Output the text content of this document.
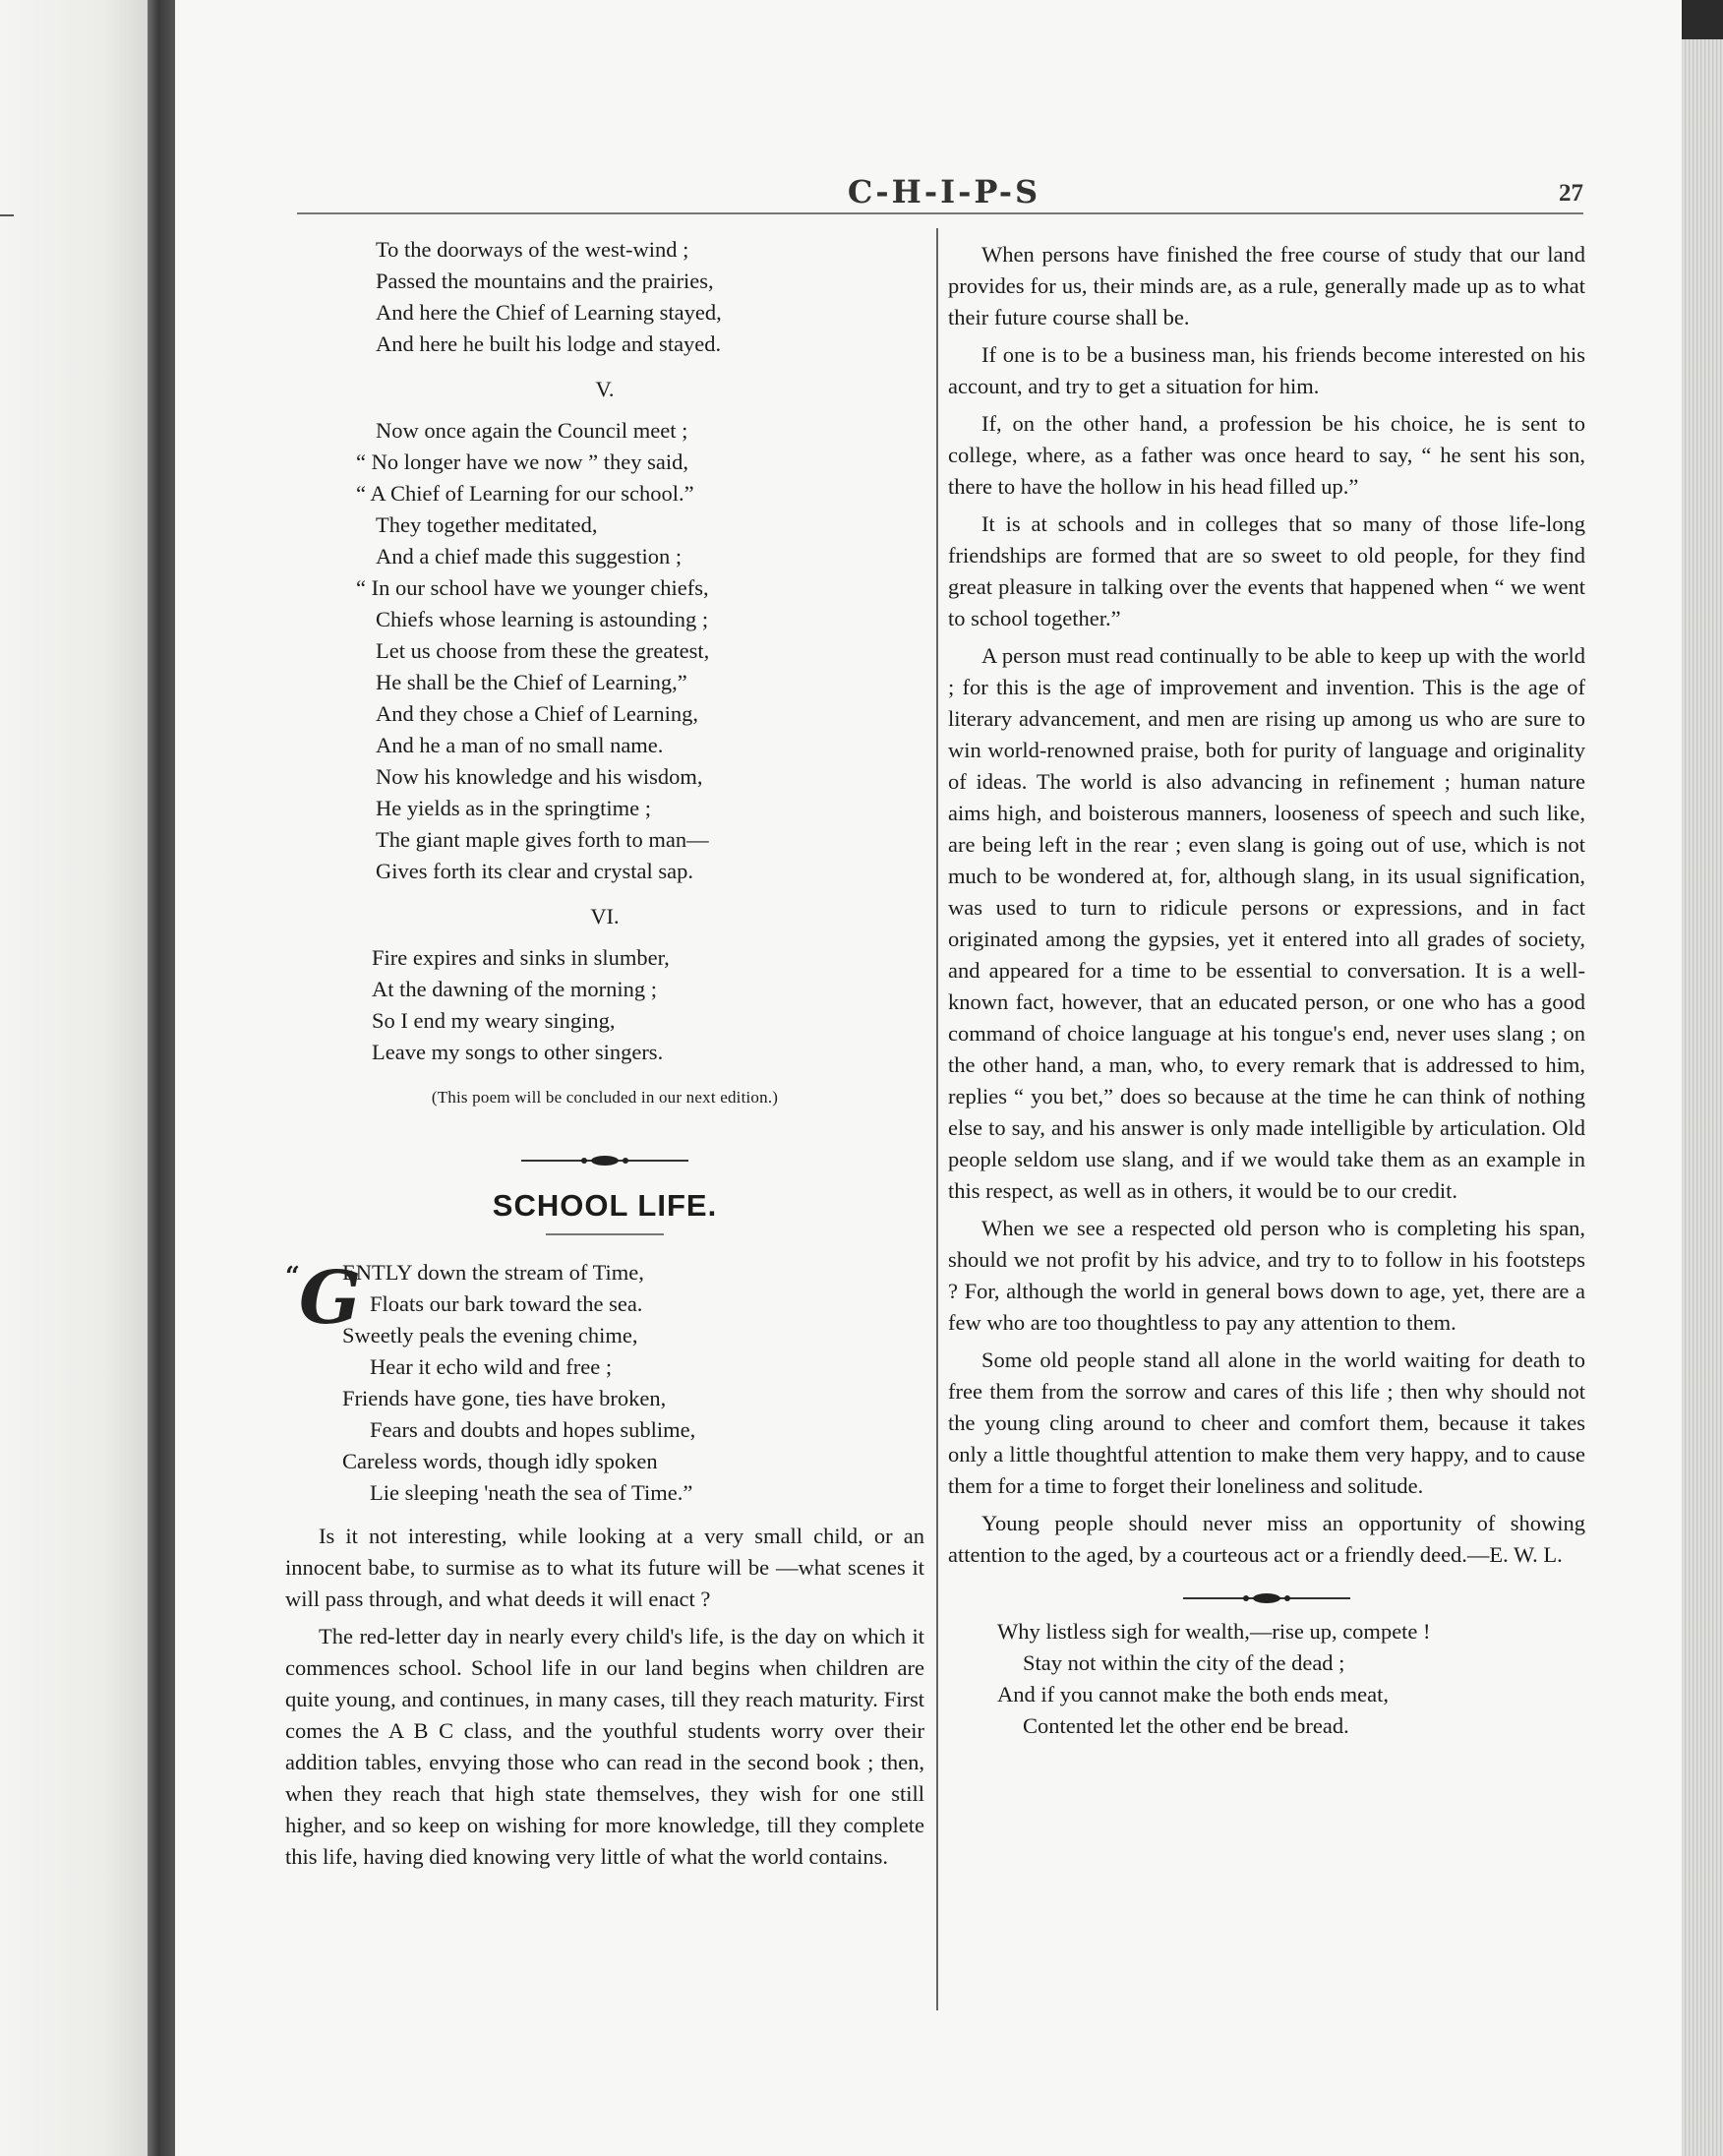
C-H-I-P-S	27
To the doorways of the west-wind ;
Passed the mountains and the prairies,
And here the Chief of Learning stayed,
And here he built his lodge and stayed.
V.
Now once again the Council meet ;
“ No longer have we now ” they said,
“ A Chief of Learning for our school.”
They together meditated,
And a chief made this suggestion ;
“ In our school have we younger chiefs,
Chiefs whose learning is astounding ;
Let us choose from these the greatest,
He shall be the Chief of Learning,”
And they chose a Chief of Learning,
And he a man of no small name.
Now his knowledge and his wisdom,
He yields as in the springtime ;
The giant maple gives forth to man—
Gives forth its clear and crystal sap.
VI.
Fire expires and sinks in slumber,
At the dawning of the morning ;
So I end my weary singing,
Leave my songs to other singers.
(This poem will be concluded in our next edition.)
SCHOOL LIFE.
“ G
ENTLY down the stream of Time,
Floats our bark toward the sea.
Sweetly peals the evening chime,
Hear it echo wild and free ;
Friends have gone, ties have broken,
Fears and doubts and hopes sublime,
Careless words, though idly spoken
Lie sleeping 'neath the sea of Time.”

Is it not interesting, while looking at a very small child, or an innocent babe, to surmise as to what its future will be —what scenes it will pass through, and what deeds it will enact ?

The red-letter day in nearly every child's life, is the day on which it commences school. School life in our land begins when children are quite young, and continues, in many cases, till they reach maturity. First comes the A B C class, and the youthful students worry over their addition tables, envying those who can read in the second book ; then, when they reach that high state themselves, they wish for one still higher, and so keep on wishing for more knowledge, till they complete this life, having died knowing very little of what the world contains.

When persons have finished the free course of study that our land provides for us, their minds are, as a rule, generally made up as to what their future course shall be.

If one is to be a business man, his friends become interested on his account, and try to get a situation for him.

If, on the other hand, a profession be his choice, he is sent to college, where, as a father was once heard to say, “ he sent his son, there to have the hollow in his head filled up.”

It is at schools and in colleges that so many of those life-long friendships are formed that are so sweet to old people, for they find great pleasure in talking over the events that happened when “ we went to school together.”

A person must read continually to be able to keep up with the world ; for this is the age of improvement and invention. This is the age of literary advancement, and men are rising up among us who are sure to win world-renowned praise, both for purity of language and originality of ideas. The world is also advancing in refinement ; human nature aims high, and boisterous manners, looseness of speech and such like, are being left in the rear ; even slang is going out of use, which is not much to be wondered at, for, although slang, in its usual signification, was used to turn to ridicule persons or expressions, and in fact originated among the gypsies, yet it entered into all grades of society, and appeared for a time to be essential to conversation. It is a well-known fact, however, that an educated person, or one who has a good command of choice language at his tongue's end, never uses slang ; on the other hand, a man, who, to every remark that is addressed to him, replies “ you bet,” does so because at the time he can think of nothing else to say, and his answer is only made intelligible by articulation. Old people seldom use slang, and if we would take them as an example in this respect, as well as in others, it would be to our credit.

When we see a respected old person who is completing his span, should we not profit by his advice, and try to to follow in his footsteps ? For, although the world in general bows down to age, yet, there are a few who are too thoughtless to pay any attention to them.

Some old people stand all alone in the world waiting for death to free them from the sorrow and cares of this life ; then why should not the young cling around to cheer and comfort them, because it takes only a little thoughtful attention to make them very happy, and to cause them for a time to forget their loneliness and solitude.

Young people should never miss an opportunity of showing attention to the aged, by a courteous act or a friendly deed.—E. W. L.

Why listless sigh for wealth,—rise up, compete !
Stay not within the city of the dead ;
And if you cannot make the both ends meat,
Contented let the other end be bread.
